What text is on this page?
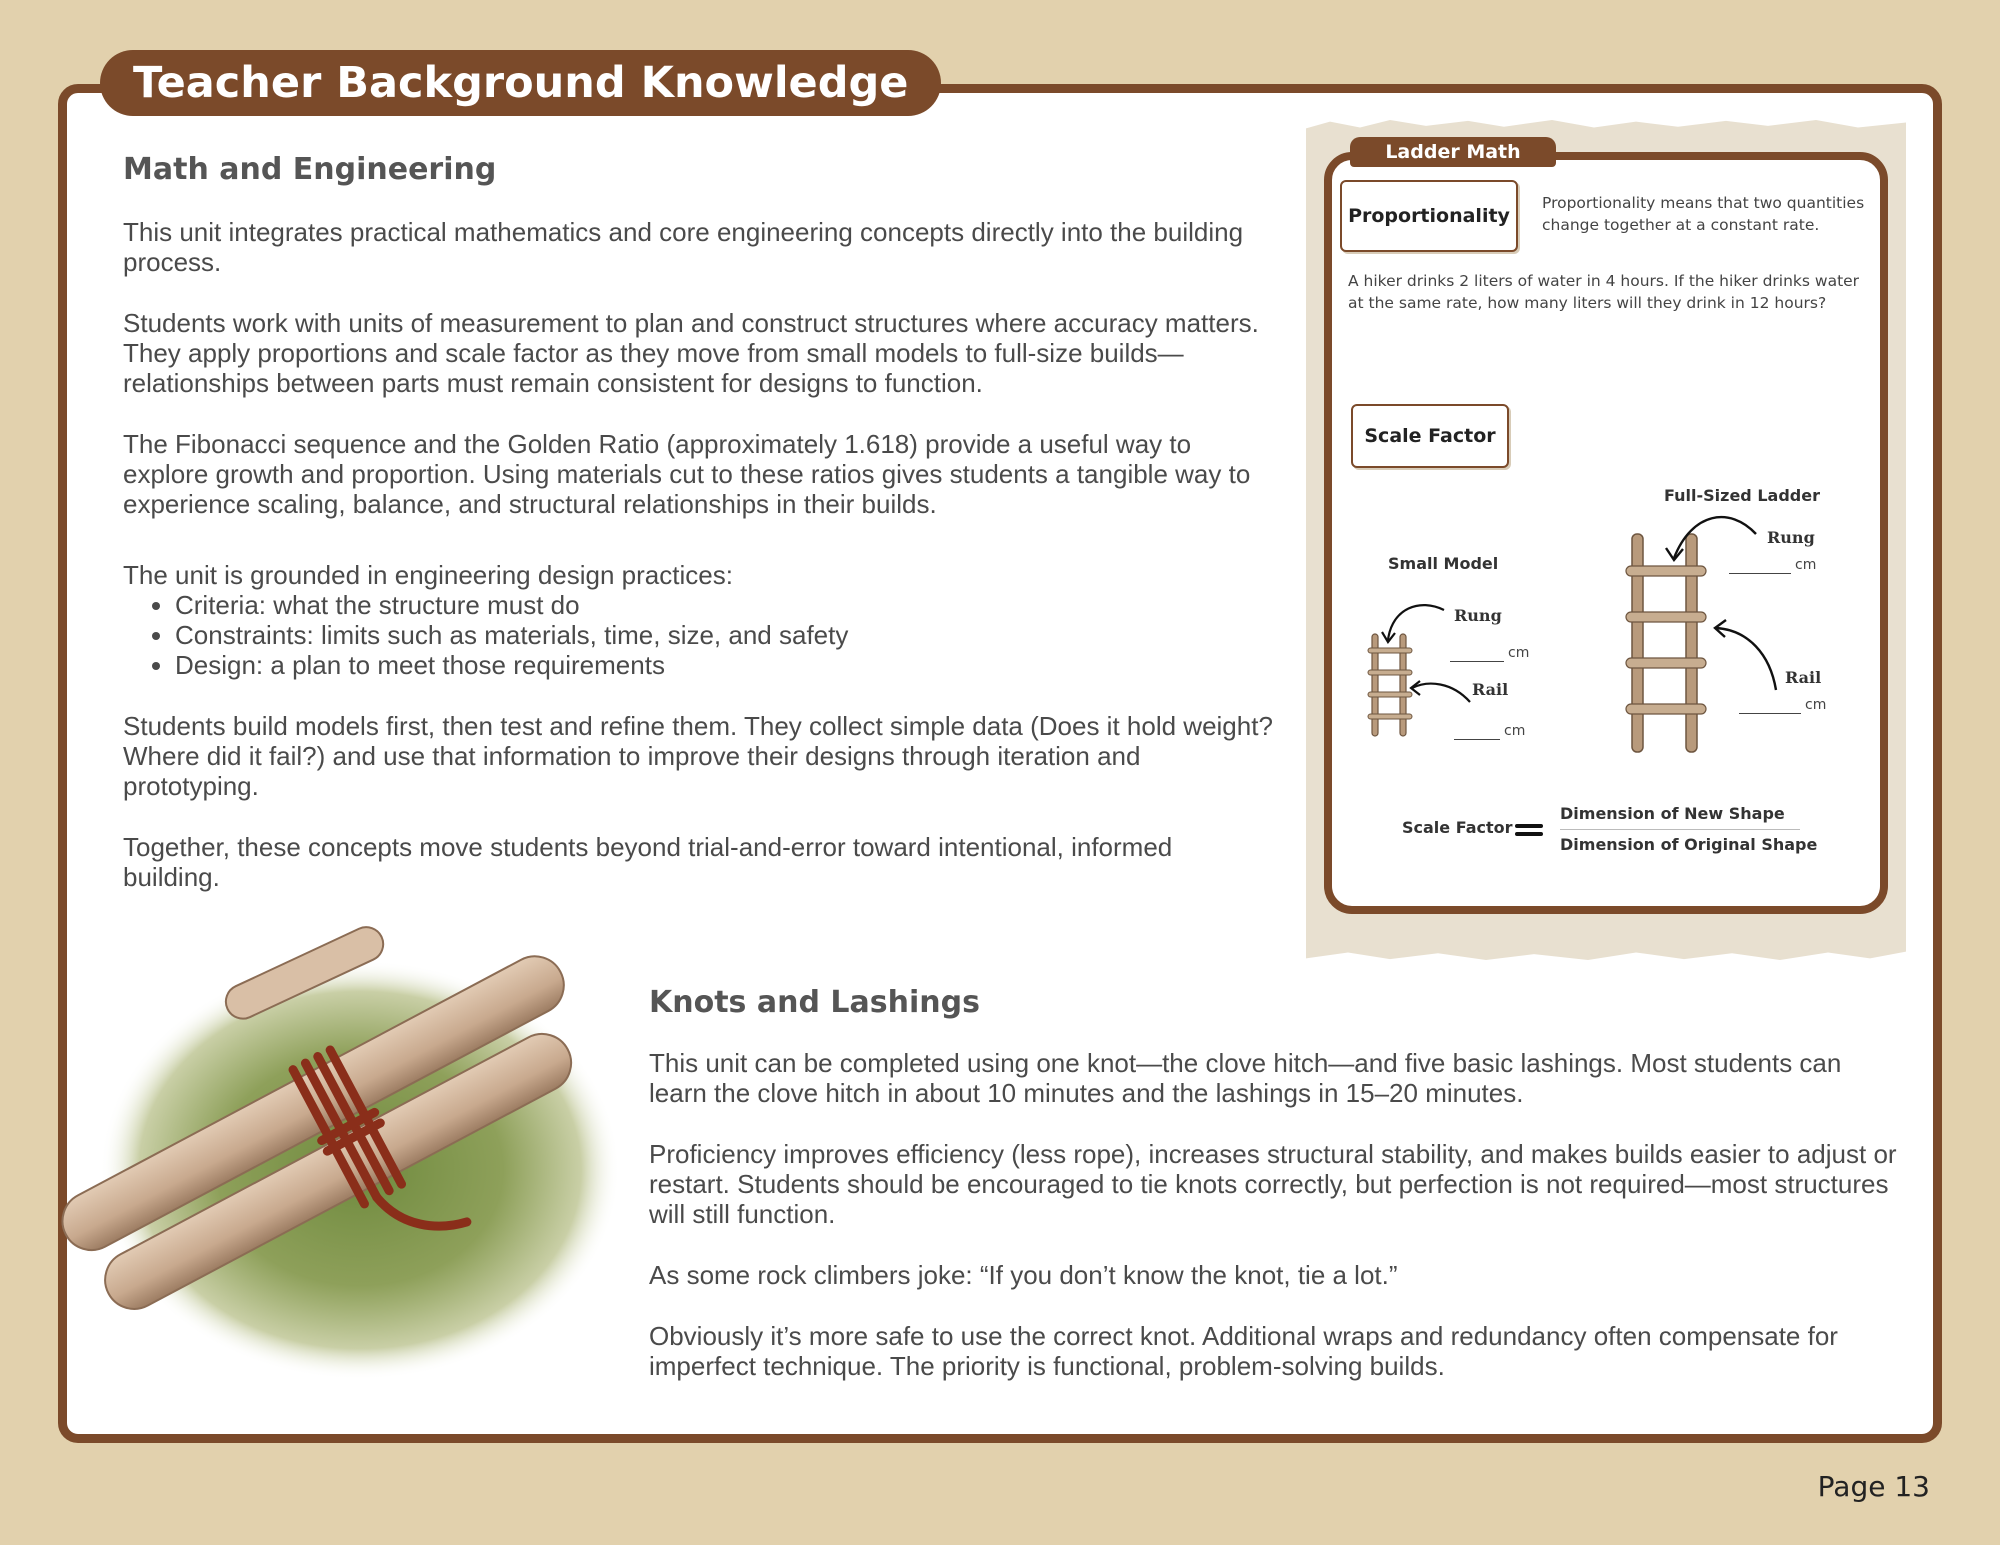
Teacher Background Knowledge
Math and Engineering

This unit integrates practical mathematics and core engineering concepts directly into the building process.

Students work with units of measurement to plan and construct structures where accuracy matters. They apply proportions and scale factor as they move from small models to full-size builds—relationships between parts must remain consistent for designs to function.

The Fibonacci sequence and the Golden Ratio (approximately 1.618) provide a useful way to explore growth and proportion. Using materials cut to these ratios gives students a tangible way to experience scaling, balance, and structural relationships in their builds.

The unit is grounded in engineering design practices:

• Criteria: what the structure must do
• Constraints: limits such as materials, time, size, and safety
• Design: a plan to meet those requirements

Students build models first, then test and refine them. They collect simple data (Does it hold weight? Where did it fail?) and use that information to improve their designs through iteration and prototyping.

Together, these concepts move students beyond trial-and-error toward intentional, informed building.

Ladder Math
Proportionality
Proportionality means that two quantities change together at a constant rate.
A hiker drinks 2 liters of water in 4 hours. If the hiker drinks water at the same rate, how many liters will they drink in 12 hours?
Scale Factor
Full-Sized Ladder
Small Model
Rung
Rail
Rung
Rail
cm
cm
cm
cm
Scale Factor
Dimension of New Shape
Dimension of Original Shape
Knots and Lashings

This unit can be completed using one knot—the clove hitch—and five basic lashings. Most students can learn the clove hitch in about 10 minutes and the lashings in 15–20 minutes.

Proficiency improves efficiency (less rope), increases structural stability, and makes builds easier to adjust or restart. Students should be encouraged to tie knots correctly, but perfection is not required—most structures will still function.

As some rock climbers joke: “If you don’t know the knot, tie a lot.”

Obviously it’s more safe to use the correct knot. Additional wraps and redundancy often compensate for imperfect technique. The priority is functional, problem-solving builds.

Page 13
